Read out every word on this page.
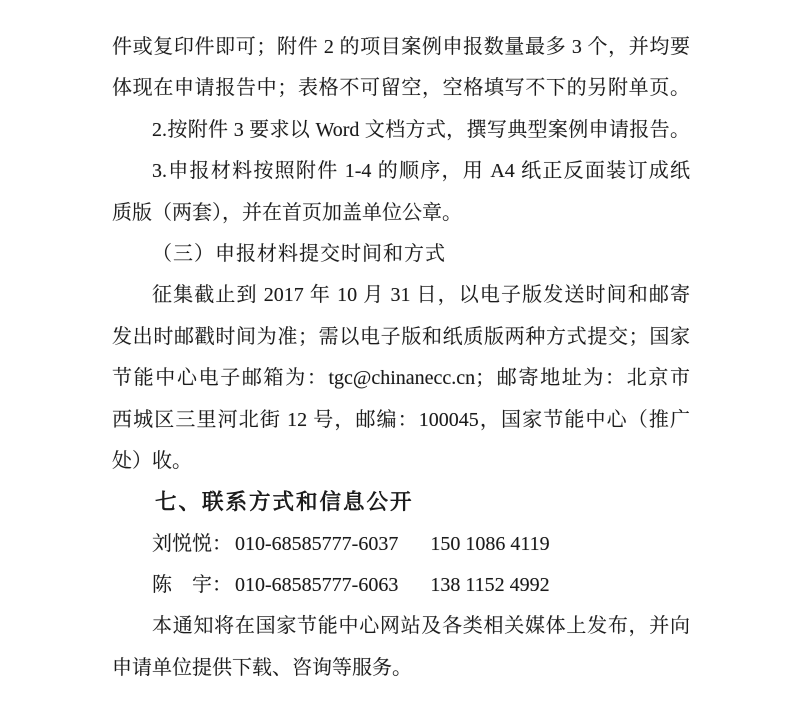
件或复印件即可；附件 2 的项目案例申报数量最多 3 个，并均要
体现在申请报告中；表格不可留空，空格填写不下的另附单页。
2.按附件 3 要求以 Word 文档方式，撰写典型案例申请报告。
3.申报材料按照附件 1-4 的顺序，用 A4 纸正反面装订成纸
质版（两套），并在首页加盖单位公章。
（三）申报材料提交时间和方式
征集截止到 2017 年 10 月 31 日，以电子版发送时间和邮寄
发出时邮戳时间为准；需以电子版和纸质版两种方式提交；国家
节能中心电子邮箱为：tgc@chinanecc.cn；邮寄地址为：北京市
西城区三里河北街 12 号，邮编：100045，国家节能中心（推广
处）收。
七、联系方式和信息公开
刘悦悦： 010-68585777-6037 150 1086 4119
陈　宇： 010-68585777-6063 138 1152 4992
本通知将在国家节能中心网站及各类相关媒体上发布，并向
申请单位提供下载、咨询等服务。
